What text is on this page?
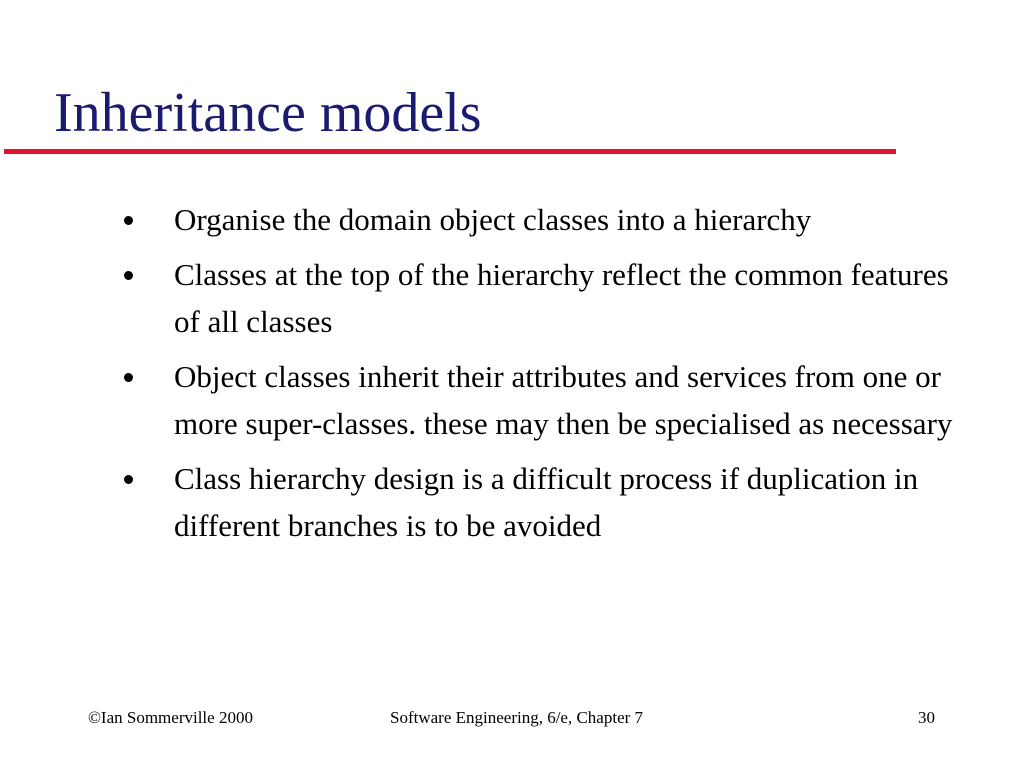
Inheritance models
Organise the domain object classes into a hierarchy
Classes at the top of the hierarchy reflect the common features of all classes
Object classes inherit their attributes and services from one or more super-classes. these may then be specialised as necessary
Class hierarchy design is a difficult process if duplication in different branches is to be avoided
©Ian Sommerville 2000	Software Engineering, 6/e, Chapter 7	30
